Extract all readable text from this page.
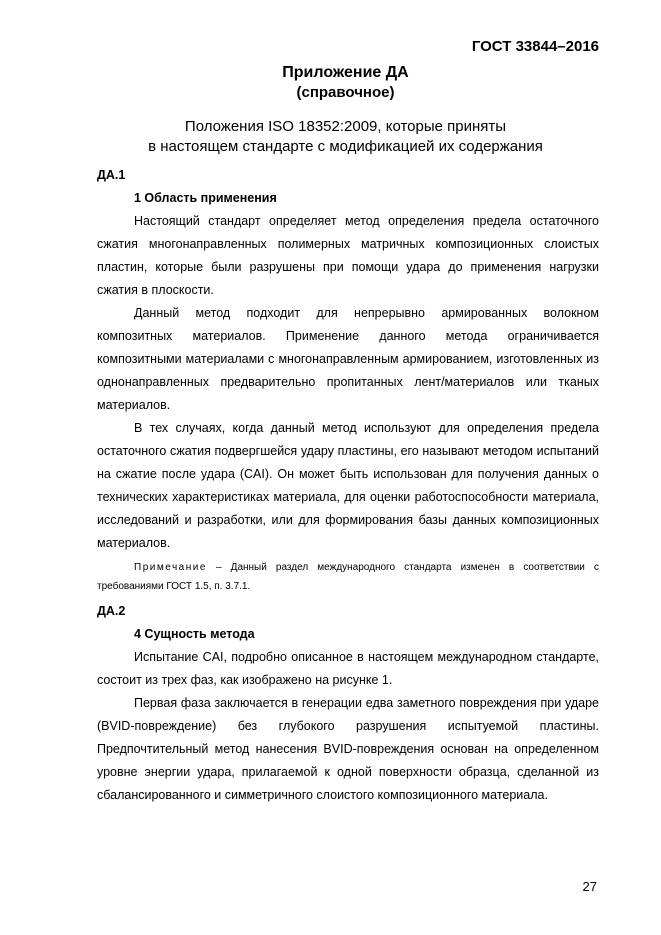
ГОСТ 33844–2016
Приложение ДА
(справочное)
Положения ISO 18352:2009, которые приняты
в настоящем стандарте с модификацией их содержания
ДА.1
1 Область применения

Настоящий стандарт определяет метод определения предела остаточного сжатия многонаправленных полимерных матричных композиционных слоистых пластин, которые были разрушены при помощи удара до применения нагрузки сжатия в плоскости.

Данный метод подходит для непрерывно армированных волокном композитных материалов. Применение данного метода ограничивается композитными материалами с многонаправленным армированием, изготовленных из однонаправленных предварительно пропитанных лент/материалов или тканых материалов.

В тех случаях, когда данный метод используют для определения предела остаточного сжатия подвергшейся удару пластины, его называют методом испытаний на сжатие после удара (CAI). Он может быть использован для получения данных о технических характеристиках материала, для оценки работоспособности материала, исследований и разработки, или для формирования базы данных композиционных материалов.

Примечание – Данный раздел международного стандарта изменен в соответствии с требованиями ГОСТ 1.5, п. 3.7.1.
ДА.2
4 Сущность метода

Испытание CAI, подробно описанное в настоящем международном стандарте, состоит из трех фаз, как изображено на рисунке 1.

Первая фаза заключается в генерации едва заметного повреждения при ударе (BVID-повреждение) без глубокого разрушения испытуемой пластины. Предпочтительный метод нанесения BVID-повреждения основан на определенном уровне энергии удара, прилагаемой к одной поверхности образца, сделанной из сбалансированного и симметричного слоистого композиционного материала.

27
